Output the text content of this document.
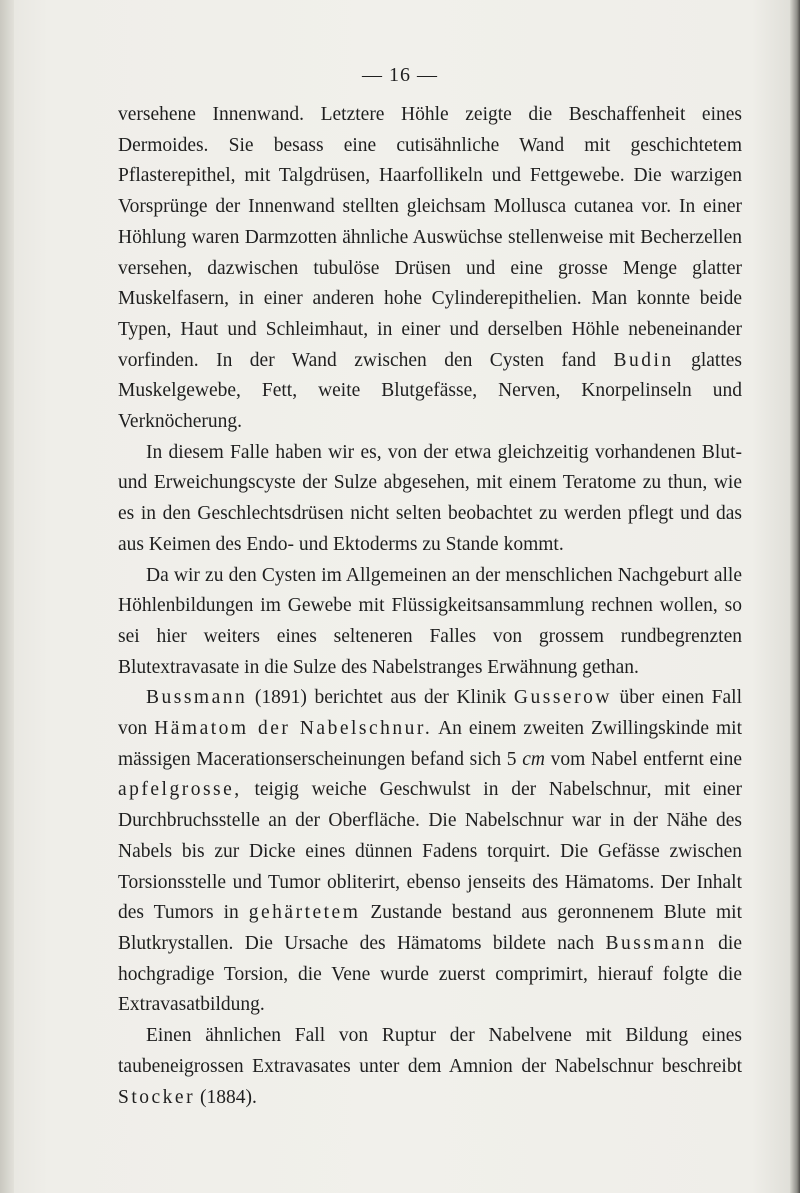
— 16 —

versehene Innenwand. Letztere Höhle zeigte die Beschaffenheit eines Dermoides. Sie besass eine cutisähnliche Wand mit geschichtetem Pflasterepithel, mit Talgdrüsen, Haarfollikeln und Fettgewebe. Die warzigen Vorsprünge der Innenwand stellten gleichsam Mollusca cutanea vor. In einer Höhlung waren Darmzotten ähnliche Auswüchse stellenweise mit Becherzellen versehen, dazwischen tubulöse Drüsen und eine grosse Menge glatter Muskelfasern, in einer anderen hohe Cylinderepithelien. Man konnte beide Typen, Haut und Schleimhaut, in einer und derselben Höhle nebeneinander vorfinden. In der Wand zwischen den Cysten fand Budin glattes Muskelgewebe, Fett, weite Blutgefässe, Nerven, Knorpelinseln und Verknöcherung.

In diesem Falle haben wir es, von der etwa gleichzeitig vorhandenen Blut- und Erweichungscyste der Sulze abgesehen, mit einem Teratome zu thun, wie es in den Geschlechtsdrüsen nicht selten beobachtet zu werden pflegt und das aus Keimen des Endo- und Ektoderms zu Stande kommt.

Da wir zu den Cysten im Allgemeinen an der menschlichen Nachgeburt alle Höhlenbildungen im Gewebe mit Flüssigkeitsansammlung rechnen wollen, so sei hier weiters eines selteneren Falles von grossem rundbegrenzten Blutextravasate in die Sulze des Nabelstranges Erwähnung gethan.

Bussmann (1891) berichtet aus der Klinik Gusserow über einen Fall von Hämatom der Nabelschnur. An einem zweiten Zwillingskinde mit mässigen Macerationserscheinungen befand sich 5 cm vom Nabel entfernt eine apfelgrosse, teigig weiche Geschwulst in der Nabelschnur, mit einer Durchbruchsstelle an der Oberfläche. Die Nabelschnur war in der Nähe des Nabels bis zur Dicke eines dünnen Fadens torquirt. Die Gefässe zwischen Torsionsstelle und Tumor obliterirt, ebenso jenseits des Hämatoms. Der Inhalt des Tumors in gehärtetem Zustande bestand aus geronnenem Blute mit Blutkrystallen. Die Ursache des Hämatoms bildete nach Bussmann die hochgradige Torsion, die Vene wurde zuerst comprimirt, hierauf folgte die Extravasatbildung.

Einen ähnlichen Fall von Ruptur der Nabelvene mit Bildung eines taubeneigrossen Extravasates unter dem Amnion der Nabelschnur beschreibt Stocker (1884).
